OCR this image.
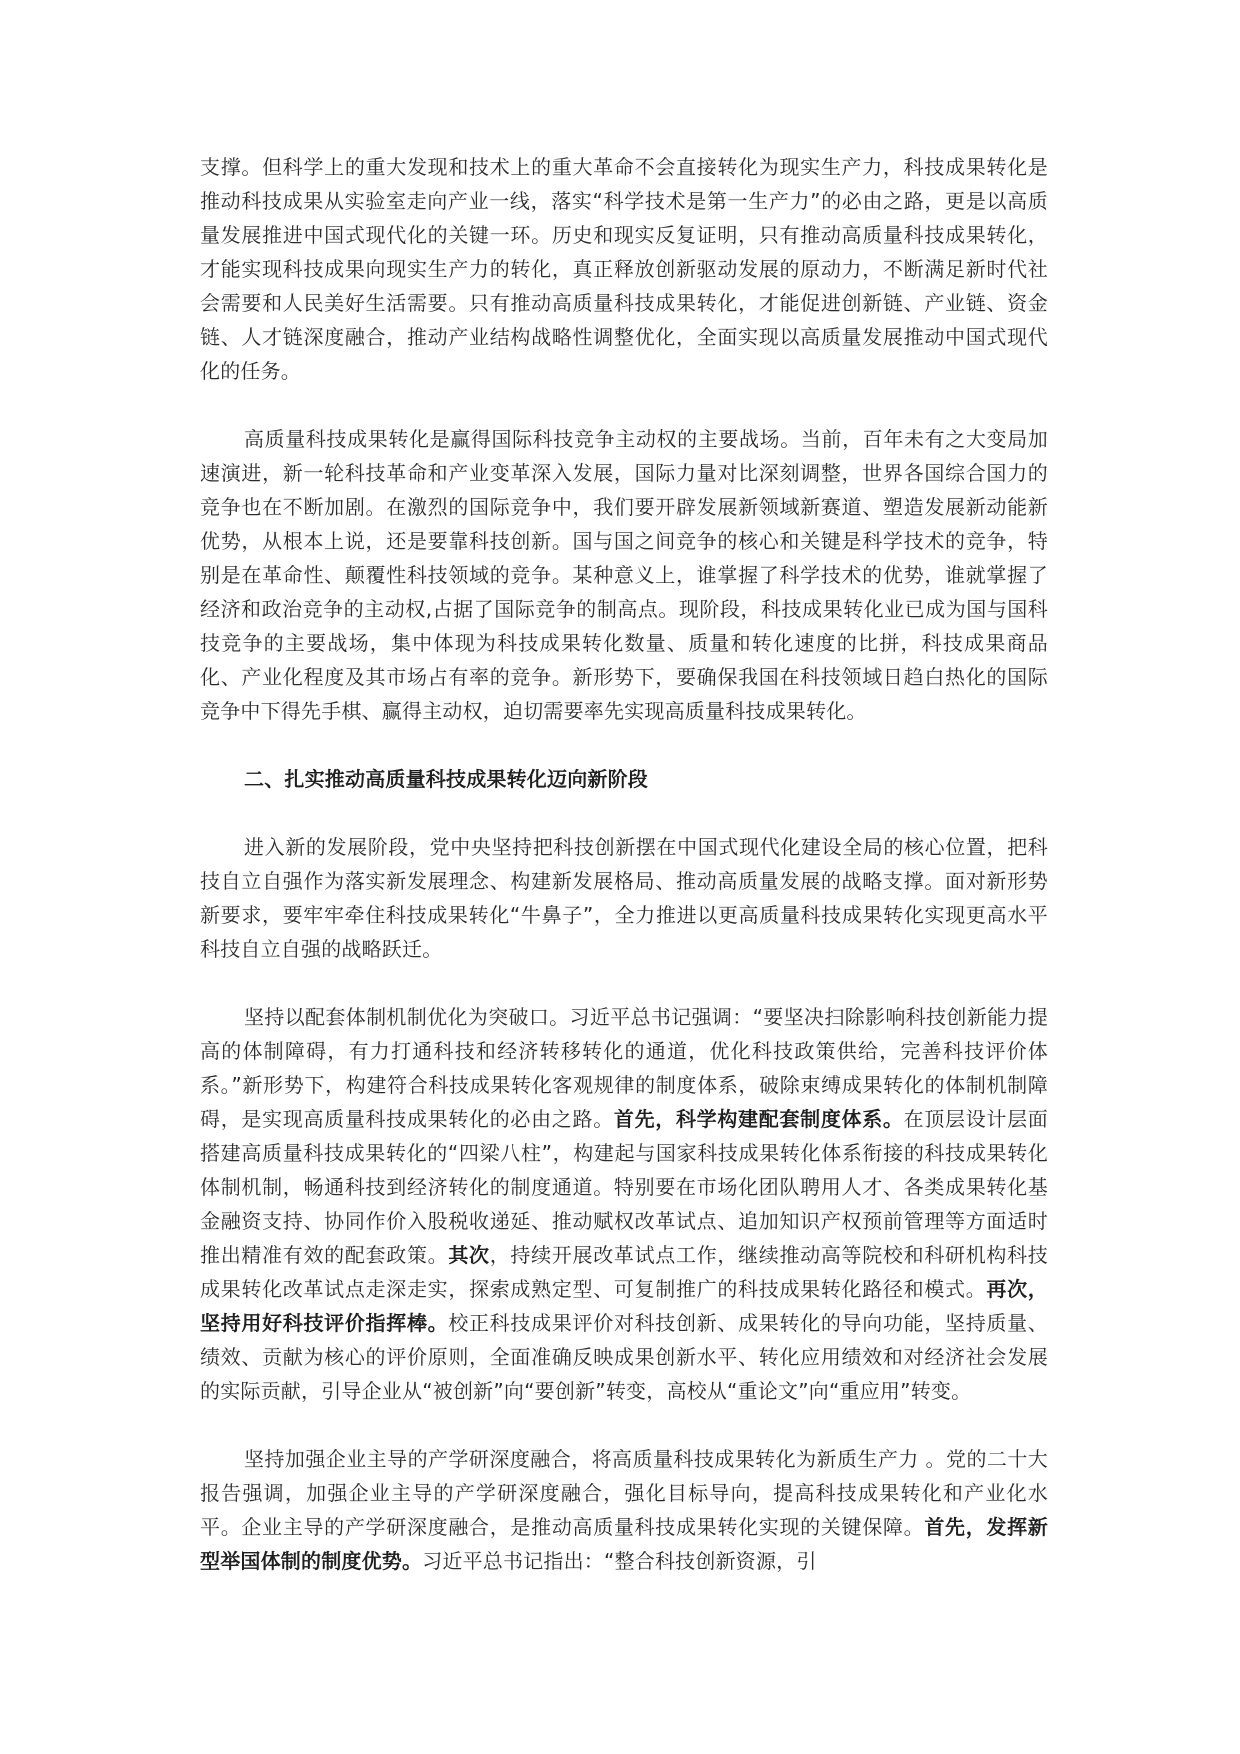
支撑。但科学上的重大发现和技术上的重大革命不会直接转化为现实生产力，科技成果转化是推动科技成果从实验室走向产业一线，落实“科学技术是第一生产力”的必由之路，更是以高质量发展推进中国式现代化的关键一环。历史和现实反复证明，只有推动高质量科技成果转化，才能实现科技成果向现实生产力的转化，真正释放创新驱动发展的原动力，不断满足新时代社会需要和人民美好生活需要。只有推动高质量科技成果转化，才能促进创新链、产业链、资金链、人才链深度融合，推动产业结构战略性调整优化，全面实现以高质量发展推动中国式现代化的任务。

高质量科技成果转化是赢得国际科技竞争主动权的主要战场。当前，百年未有之大变局加速演进，新一轮科技革命和产业变革深入发展，国际力量对比深刻调整，世界各国综合国力的竞争也在不断加剧。在激烈的国际竞争中，我们要开辟发展新领域新赛道、塑造发展新动能新优势，从根本上说，还是要靠科技创新。国与国之间竞争的核心和关键是科学技术的竞争，特别是在革命性、颠覆性科技领域的竞争。某种意义上，谁掌握了科学技术的优势，谁就掌握了经济和政治竞争的主动权,占据了国际竞争的制高点。现阶段，科技成果转化业已成为国与国科技竞争的主要战场，集中体现为科技成果转化数量、质量和转化速度的比拼，科技成果商品化、产业化程度及其市场占有率的竞争。新形势下，要确保我国在科技领域日趋白热化的国际竞争中下得先手棋、赢得主动权，迫切需要率先实现高质量科技成果转化。

二、扎实推动高质量科技成果转化迈向新阶段

进入新的发展阶段，党中央坚持把科技创新摆在中国式现代化建设全局的核心位置，把科技自立自强作为落实新发展理念、构建新发展格局、推动高质量发展的战略支撑。面对新形势新要求，要牢牢牵住科技成果转化“牛鼻子”，全力推进以更高质量科技成果转化实现更高水平科技自立自强的战略跃迁。

坚持以配套体制机制优化为突破口。习近平总书记强调：“要坚决扫除影响科技创新能力提高的体制障碍，有力打通科技和经济转移转化的通道，优化科技政策供给，完善科技评价体系。”新形势下，构建符合科技成果转化客观规律的制度体系，破除束缚成果转化的体制机制障碍，是实现高质量科技成果转化的必由之路。首先，科学构建配套制度体系。在顶层设计层面搭建高质量科技成果转化的“四梁八柱”，构建起与国家科技成果转化体系衔接的科技成果转化体制机制，畅通科技到经济转化的制度通道。特别要在市场化团队聘用人才、各类成果转化基金融资支持、协同作价入股税收递延、推动赋权改革试点、追加知识产权预前管理等方面适时推出精准有效的配套政策。其次，持续开展改革试点工作，继续推动高等院校和科研机构科技成果转化改革试点走深走实，探索成熟定型、可复制推广的科技成果转化路径和模式。再次，坚持用好科技评价指挥棒。校正科技成果评价对科技创新、成果转化的导向功能，坚持质量、绩效、贡献为核心的评价原则，全面准确反映成果创新水平、转化应用绩效和对经济社会发展的实际贡献，引导企业从“被创新”向“要创新”转变，高校从“重论文”向“重应用”转变。

坚持加强企业主导的产学研深度融合，将高质量科技成果转化为新质生产力 。党的二十大报告强调，加强企业主导的产学研深度融合，强化目标导向，提高科技成果转化和产业化水平。企业主导的产学研深度融合，是推动高质量科技成果转化实现的关键保障。首先，发挥新型举国体制的制度优势。习近平总书记指出：“整合科技创新资源，引
